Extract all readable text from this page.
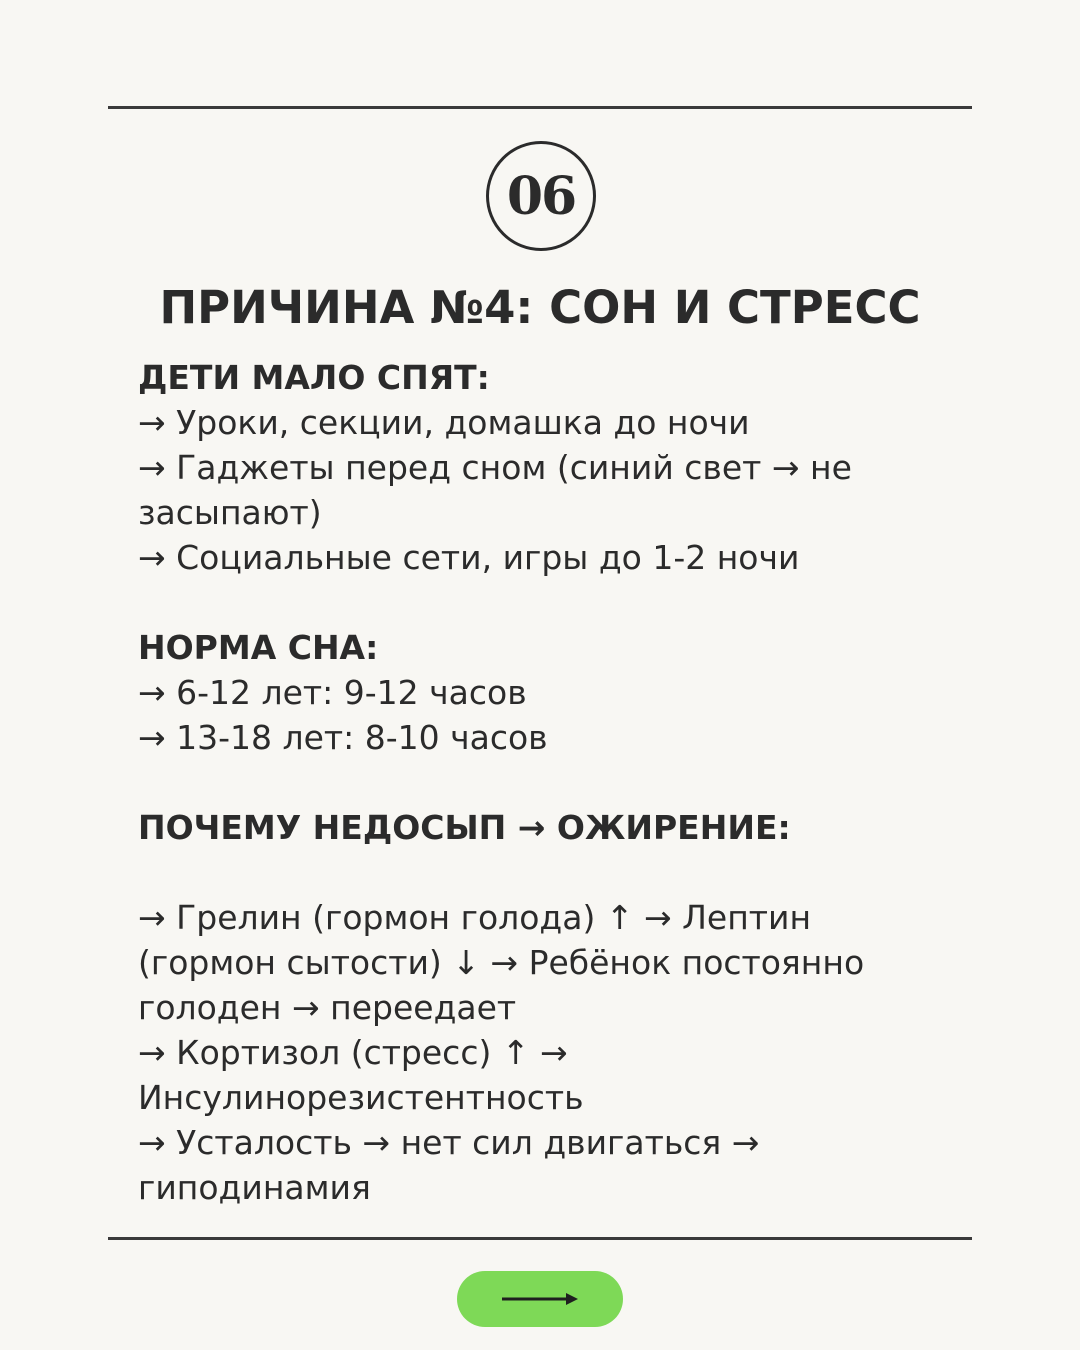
06
ПРИЧИНА №4: СОН И СТРЕСС
ДЕТИ МАЛО СПЯТ:
→ Уроки, секции, домашка до ночи
→ Гаджеты перед сном (синий свет → не
засыпают)
→ Социальные сети, игры до 1-2 ночи
НОРМА СНА:
→ 6-12 лет: 9-12 часов
→ 13-18 лет: 8-10 часов
ПОЧЕМУ НЕДОСЫП → ОЖИРЕНИЕ:
→ Грелин (гормон голода) ↑ → Лептин
(гормон сытости) ↓ → Ребёнок постоянно
голоден → переедает
→ Кортизол (стресс) ↑ →
Инсулинорезистентность
→ Усталость → нет сил двигаться →
гиподинамия
